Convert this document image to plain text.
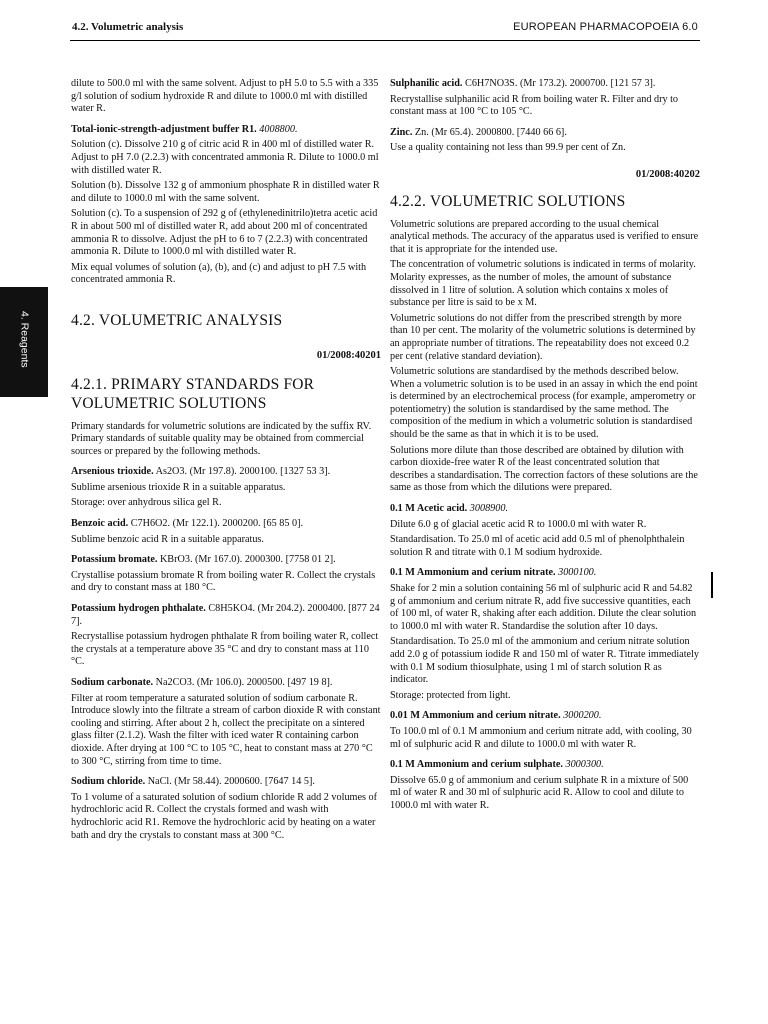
4.2. Volumetric analysis	EUROPEAN PHARMACOPOEIA 6.0
4. Reagents

dilute to 500.0 ml with the same solvent. Adjust to pH 5.0 to 5.5 with a 335 g/l solution of sodium hydroxide R and dilute to 1000.0 ml with distilled water R.

Total-ionic-strength-adjustment buffer R1. 4008800.

Solution (c). Dissolve 210 g of citric acid R in 400 ml of distilled water R. Adjust to pH 7.0 (2.2.3) with concentrated ammonia R. Dilute to 1000.0 ml with distilled water R.

Solution (b). Dissolve 132 g of ammonium phosphate R in distilled water R and dilute to 1000.0 ml with the same solvent.

Solution (c). To a suspension of 292 g of (ethylenedinitrilo)tetra acetic acid R in about 500 ml of distilled water R, add about 200 ml of concentrated ammonia R to dissolve. Adjust the pH to 6 to 7 (2.2.3) with concentrated ammonia R. Dilute to 1000.0 ml with distilled water R.

Mix equal volumes of solution (a), (b), and (c) and adjust to pH 7.5 with concentrated ammonia R.

4.2. VOLUMETRIC ANALYSIS

01/2008:40201

4.2.1. PRIMARY STANDARDS FOR VOLUMETRIC SOLUTIONS

Primary standards for volumetric solutions are indicated by the suffix RV. Primary standards of suitable quality may be obtained from commercial sources or prepared by the following methods.

Arsenious trioxide. As2O3. (Mr 197.8). 2000100. [1327 53 3].

Sublime arsenious trioxide R in a suitable apparatus.

Storage: over anhydrous silica gel R.

Benzoic acid. C7H6O2. (Mr 122.1). 2000200. [65 85 0].

Sublime benzoic acid R in a suitable apparatus.

Potassium bromate. KBrO3. (Mr 167.0). 2000300. [7758 01 2].

Crystallise potassium bromate R from boiling water R. Collect the crystals and dry to constant mass at 180 °C.

Potassium hydrogen phthalate. C8H5KO4. (Mr 204.2). 2000400. [877 24 7].

Recrystallise potassium hydrogen phthalate R from boiling water R, collect the crystals at a temperature above 35 °C and dry to constant mass at 110 °C.

Sodium carbonate. Na2CO3. (Mr 106.0). 2000500. [497 19 8].

Filter at room temperature a saturated solution of sodium carbonate R. Introduce slowly into the filtrate a stream of carbon dioxide R with constant cooling and stirring. After about 2 h, collect the precipitate on a sintered glass filter (2.1.2). Wash the filter with iced water R containing carbon dioxide. After drying at 100 °C to 105 °C, heat to constant mass at 270 °C to 300 °C, stirring from time to time.

Sodium chloride. NaCl. (Mr 58.44). 2000600. [7647 14 5].

To 1 volume of a saturated solution of sodium chloride R add 2 volumes of hydrochloric acid R. Collect the crystals formed and wash with hydrochloric acid R1. Remove the hydrochloric acid by heating on a water bath and dry the crystals to constant mass at 300 °C.

Sulphanilic acid. C6H7NO3S. (Mr 173.2). 2000700. [121 57 3].

Recrystallise sulphanilic acid R from boiling water R. Filter and dry to constant mass at 100 °C to 105 °C.

Zinc. Zn. (Mr 65.4). 2000800. [7440 66 6].

Use a quality containing not less than 99.9 per cent of Zn.

01/2008:40202

4.2.2. VOLUMETRIC SOLUTIONS

Volumetric solutions are prepared according to the usual chemical analytical methods. The accuracy of the apparatus used is verified to ensure that it is appropriate for the intended use.

The concentration of volumetric solutions is indicated in terms of molarity. Molarity expresses, as the number of moles, the amount of substance dissolved in 1 litre of solution. A solution which contains x moles of substance per litre is said to be x M.

Volumetric solutions do not differ from the prescribed strength by more than 10 per cent. The molarity of the volumetric solutions is determined by an appropriate number of titrations. The repeatability does not exceed 0.2 per cent (relative standard deviation).

Volumetric solutions are standardised by the methods described below. When a volumetric solution is to be used in an assay in which the end point is determined by an electrochemical process (for example, amperometry or potentiometry) the solution is standardised by the same method. The composition of the medium in which a volumetric solution is standardised should be the same as that in which it is to be used.

Solutions more dilute than those described are obtained by dilution with carbon dioxide-free water R of the least concentrated solution that describes a standardisation. The correction factors of these solutions are the same as those from which the dilutions were prepared.

0.1 M Acetic acid. 3008900.

Dilute 6.0 g of glacial acetic acid R to 1000.0 ml with water R.

Standardisation. To 25.0 ml of acetic acid add 0.5 ml of phenolphthalein solution R and titrate with 0.1 M sodium hydroxide.

0.1 M Ammonium and cerium nitrate. 3000100.

Shake for 2 min a solution containing 56 ml of sulphuric acid R and 54.82 g of ammonium and cerium nitrate R, add five successive quantities, each of 100 ml, of water R, shaking after each addition. Dilute the clear solution to 1000.0 ml with water R. Standardise the solution after 10 days.

Standardisation. To 25.0 ml of the ammonium and cerium nitrate solution add 2.0 g of potassium iodide R and 150 ml of water R. Titrate immediately with 0.1 M sodium thiosulphate, using 1 ml of starch solution R as indicator.

Storage: protected from light.

0.01 M Ammonium and cerium nitrate. 3000200.

To 100.0 ml of 0.1 M ammonium and cerium nitrate add, with cooling, 30 ml of sulphuric acid R and dilute to 1000.0 ml with water R.

0.1 M Ammonium and cerium sulphate. 3000300.

Dissolve 65.0 g of ammonium and cerium sulphate R in a mixture of 500 ml of water R and 30 ml of sulphuric acid R. Allow to cool and dilute to 1000.0 ml with water R.
